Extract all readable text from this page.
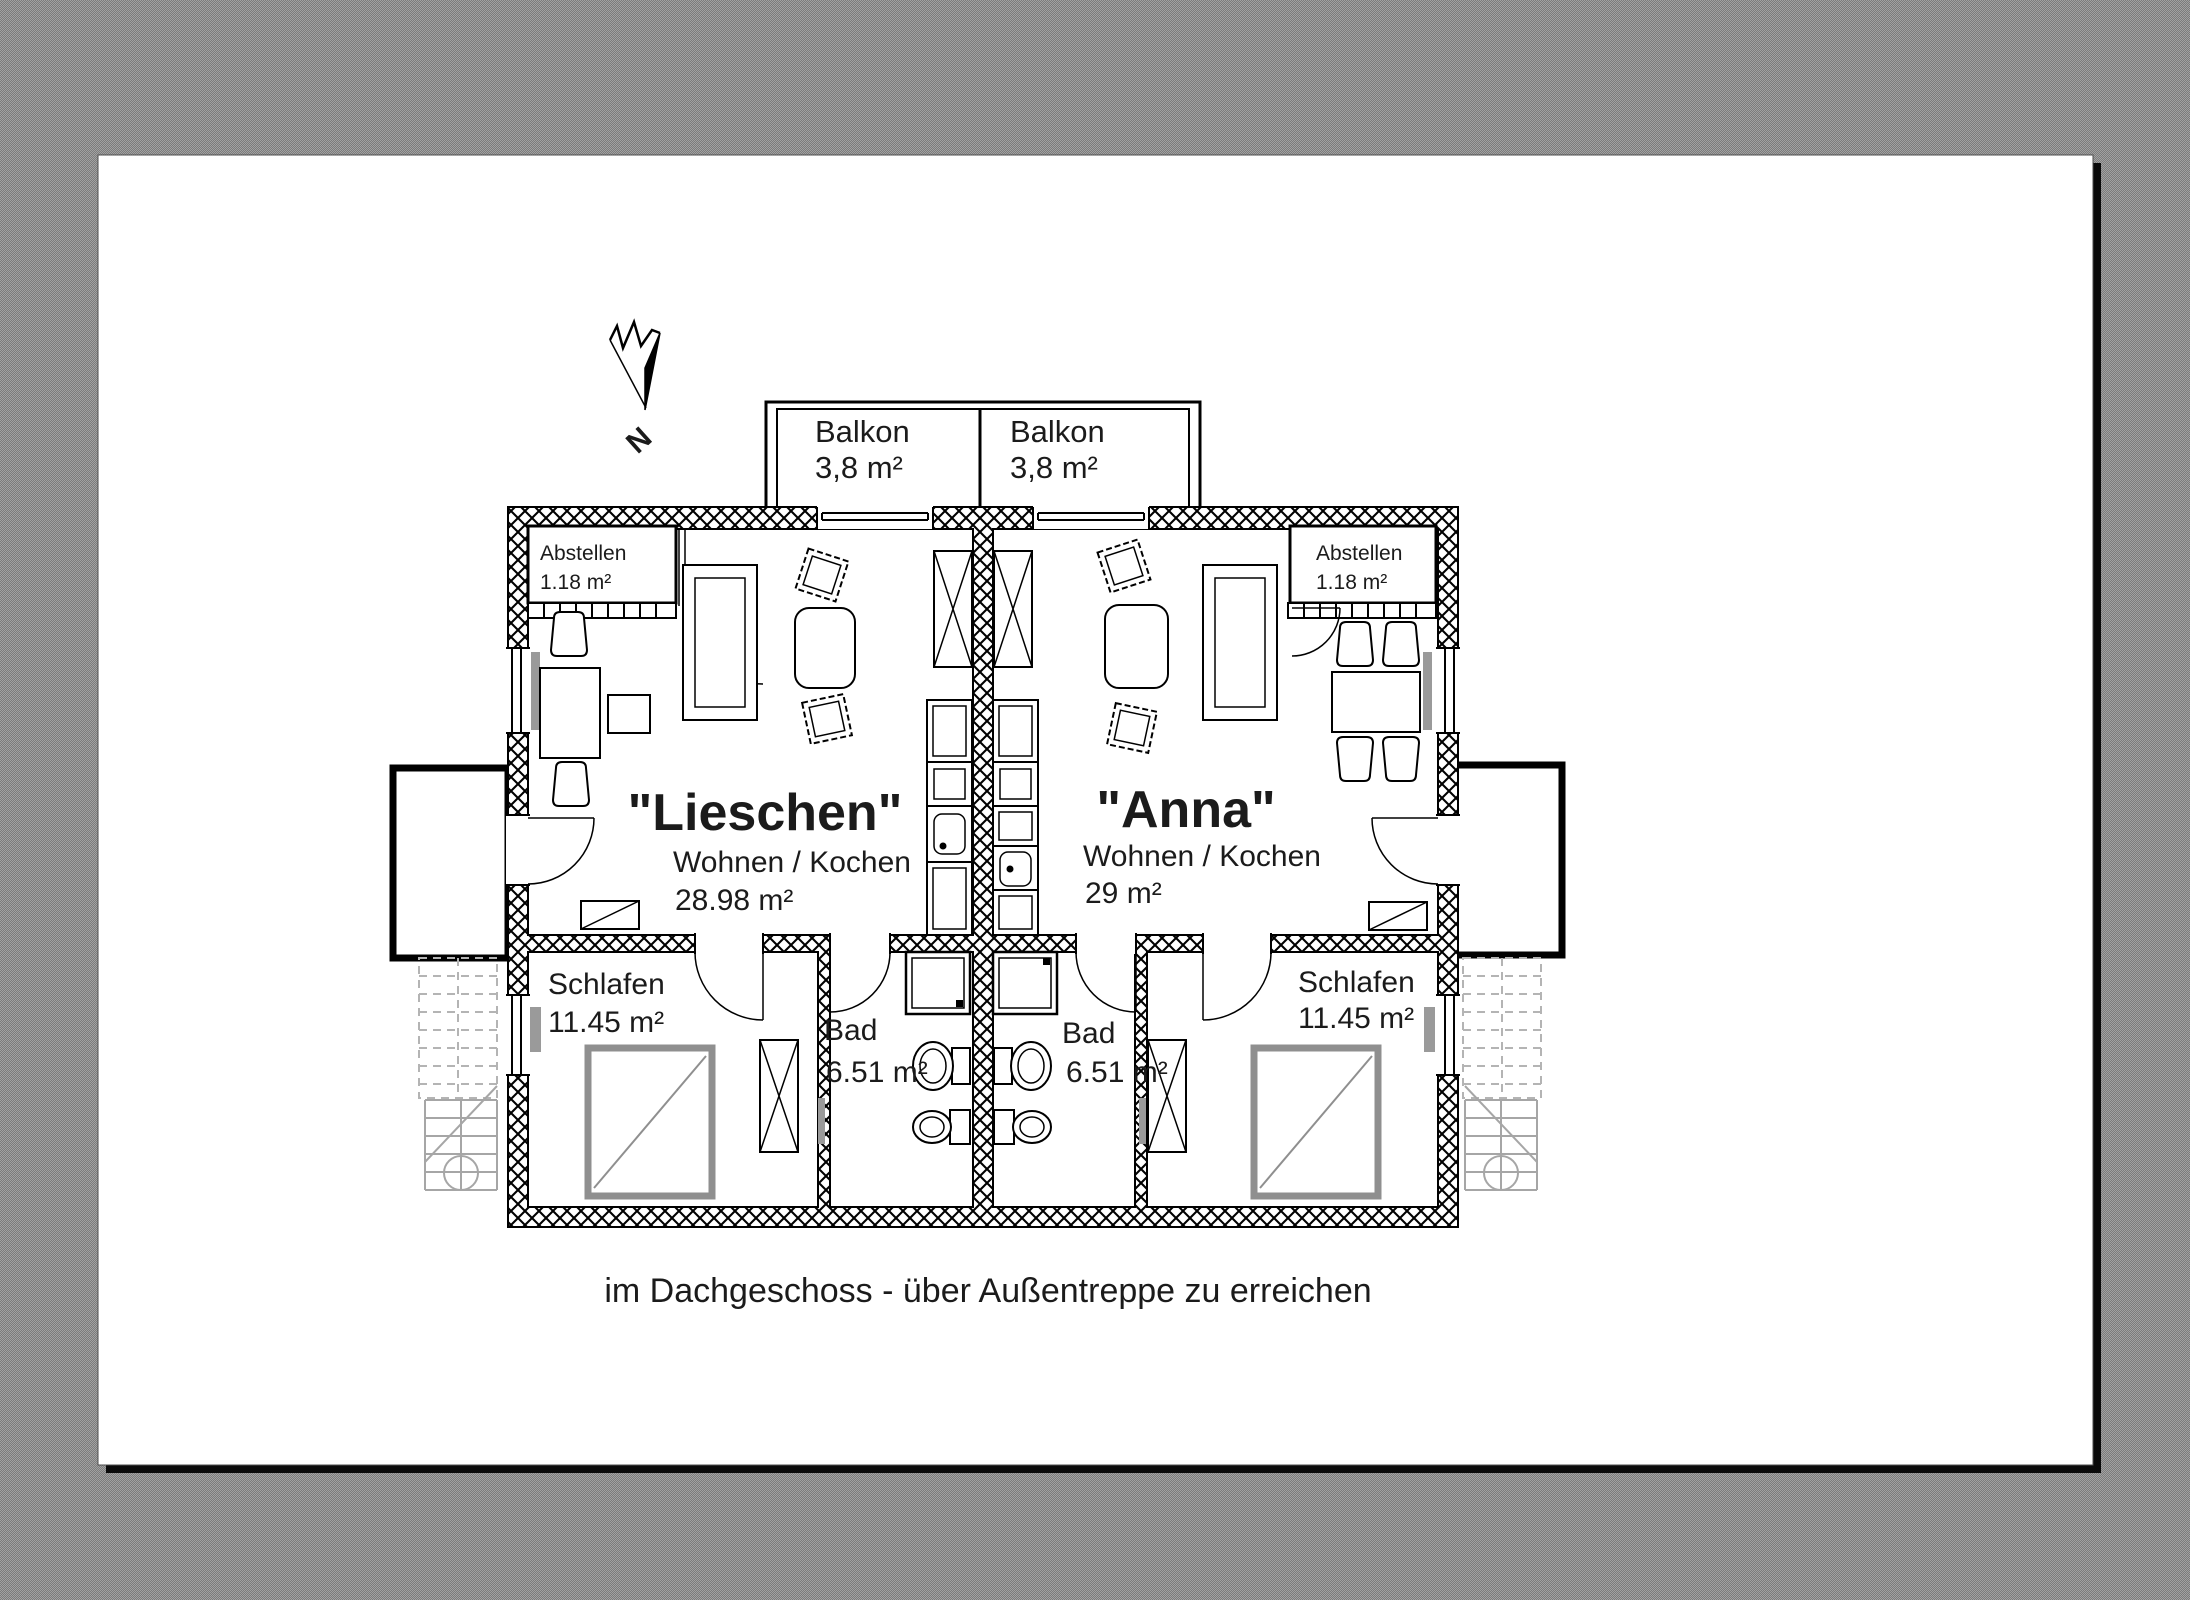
N	Balkon
3,8 m²
Balkon
3,8 m²
Abstellen
1.18 m²
Abstellen
1.18 m²
"Lieschen"
Wohnen / Kochen
28.98 m²
"Anna"
Wohnen / Kochen
29 m²
Schlafen
11.45 m²
Schlafen
11.45 m²
Bad
6.51 m²
Bad
6.51 m²
im Dachgeschoss - über Außentreppe zu erreichen
